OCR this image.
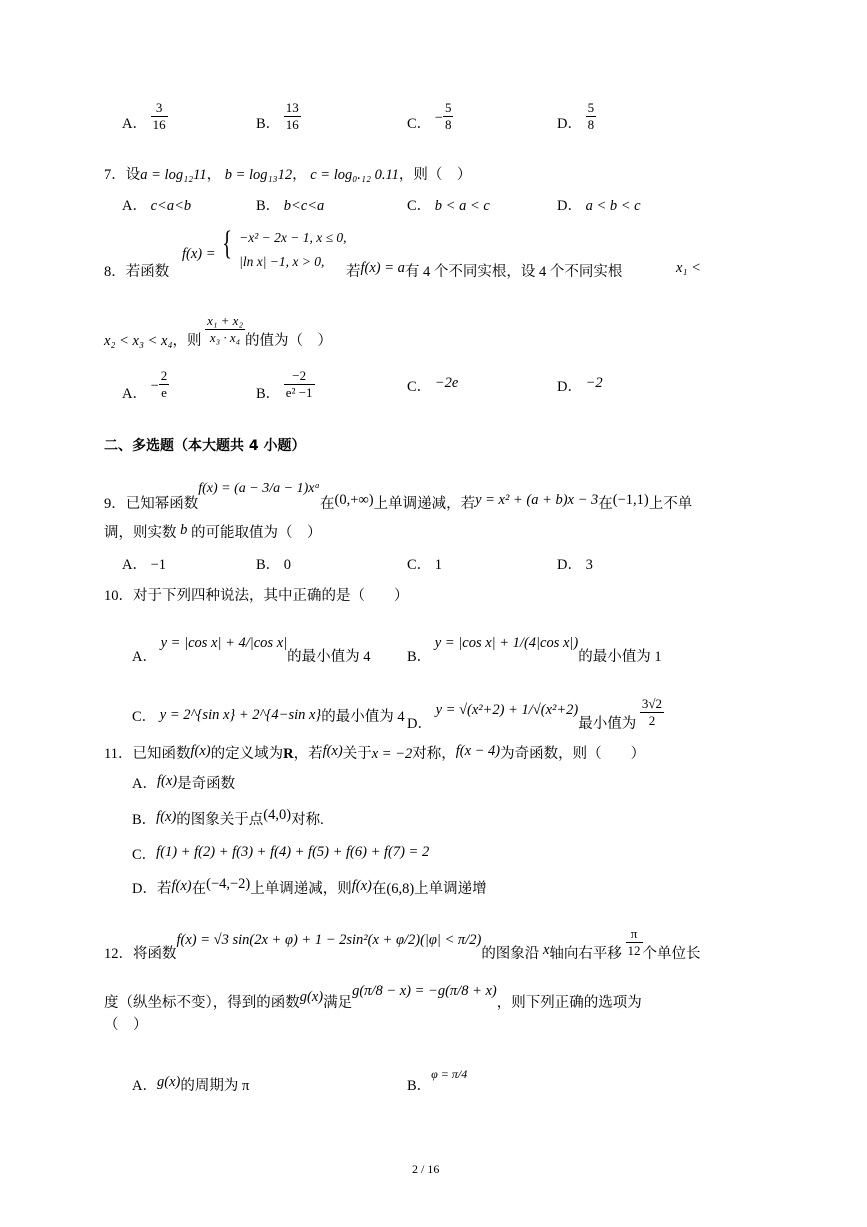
A． $\frac{3}{16}$	B． $\frac{13}{16}$	C． − $\frac{5}{8}$	D． $\frac{5}{8}$
7．设a = log₁₂11， b = log₁₃12， c = log₀.₁₂ 0.11，则（　）
A． c<a<b	B． b<c<a	C． b < a < c	D． a < b < c
8．若函数
f(x) = { −x² − 2x − 1, x ≤ 0,
|ln x| −1, x > 0,
若f(x) = a有 4 个不同实根，设 4 个不同实根	x₁ <
x₂ < x₃ < x₄，则 $\frac{\text{x₁ + x₂}}{\text{x₃ · x₄}}$ 的值为（　）
A． − $\frac{2}{e}$	B． $\frac{-2}{\text{e² −1}}$	C． −2e	D． −2
二、多选题（本大题共 4 小题）
9．已知幂函数f(x) = (a − 3/a − 1)xᵃ在(0,+∞)上单调递减，若y = x² + (a + b)x − 3在(−1,1)上不单
调，则实数 b 的可能取值为（　）
A． −1	B． 0	C． 1	D． 3
10．对于下列四种说法，其中正确的是（　　）
A． y = |cos x| + 4/|cos x|的最小值为 4	B． y = |cos x| + 1/(4|cos x|)的最小值为 1
C． y = 2^{sin x} + 2^{4−sin x}的最小值为 4 D． y = √(x²+2) + 1/√(x²+2)最小值为 $\frac{3√2}{2}$
11．已知函数f(x)的定义域为R，若f(x)关于x = −2对称，f(x − 4)为奇函数，则（　　）
A．f(x)是奇函数
B．f(x)的图象关于点(4,0)对称.
C．f(1) + f(2) + f(3) + f(4) + f(5) + f(6) + f(7) = 2
D．若f(x)在(−4,−2)上单调递减，则f(x)在(6,8)上单调递增
12．将函数f(x) = √3 sin(2x + φ) + 1 − 2sin²(x + φ/2)(|φ| < π/2)的图象沿 x轴向右平移 $\frac{\pi}{12}$ 个单位长
度（纵坐标不变），得到的函数g(x)满足g(π/8 − x) = −g(π/8 + x)，则下列正确的选项为
（　）
A．g(x)的周期为 π	B．$^{\varphi = \pi/4}$
2 / 16
